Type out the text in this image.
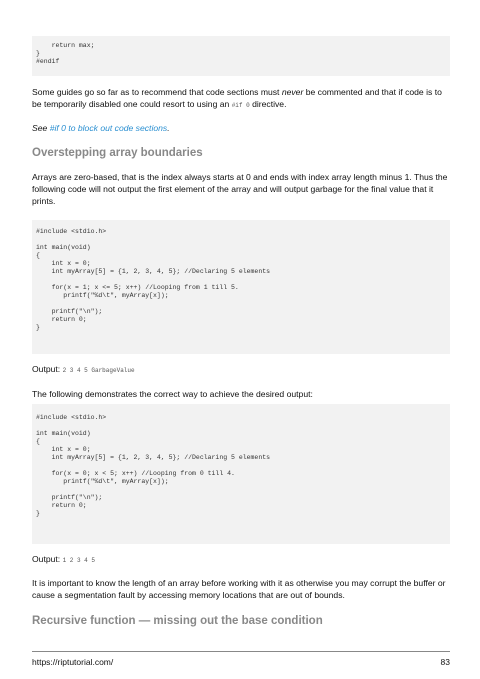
return max;
}
#endif

Some guides go so far as to recommend that code sections must never be commented and that if code is to be temporarily disabled one could resort to using an #if 0 directive.

See #if 0 to block out code sections.

Overstepping array boundaries

Arrays are zero-based, that is the index always starts at 0 and ends with index array length minus 1. Thus the following code will not output the first element of the array and will output garbage for the final value that it prints.

#include <stdio.h>

int main(void)
{
int x = 0;
int myArray[5] = {1, 2, 3, 4, 5}; //Declaring 5 elements

for(x = 1; x <= 5; x++) //Looping from 1 till 5.
printf("%d\t", myArray[x]);

printf("\n");
return 0;
}

Output: 2 3 4 5 GarbageValue

The following demonstrates the correct way to achieve the desired output:

#include <stdio.h>

int main(void)
{
int x = 0;
int myArray[5] = {1, 2, 3, 4, 5}; //Declaring 5 elements

for(x = 0; x < 5; x++) //Looping from 0 till 4.
printf("%d\t", myArray[x]);

printf("\n");
return 0;
}

Output: 1 2 3 4 5

It is important to know the length of an array before working with it as otherwise you may corrupt the buffer or cause a segmentation fault by accessing memory locations that are out of bounds.

Recursive function — missing out the base condition
https://riptutorial.com/	83
